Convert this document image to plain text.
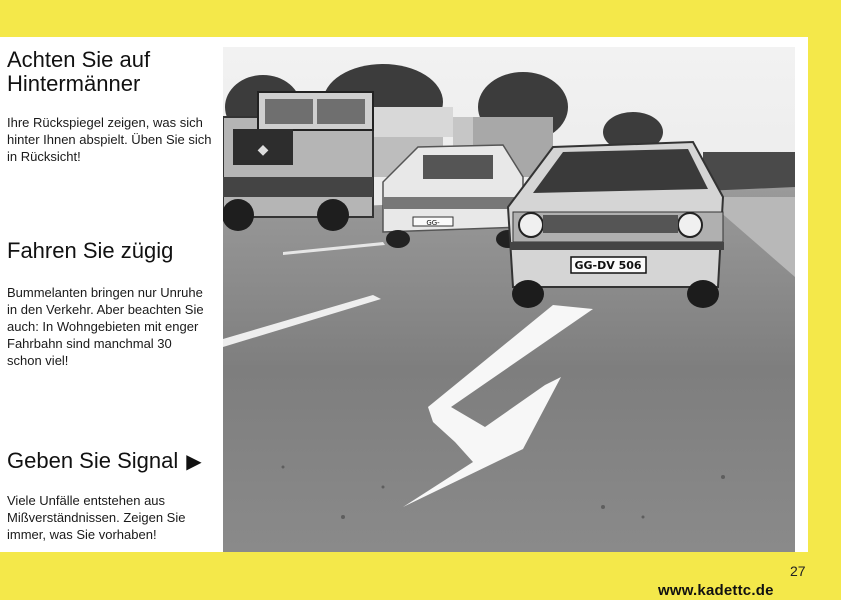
Achten Sie auf Hintermänner

Ihre Rückspiegel zeigen, was sich hinter Ihnen abspielt. Üben Sie sich in Rücksicht!

Fahren Sie zügig

Bummelanten bringen nur Unruhe in den Verkehr. Aber beachten Sie auch: In Wohngebieten mit enger Fahrbahn sind manchmal 30 schon viel!

Geben Sie Signal ▶

Viele Unfälle entstehen aus Mißverständnissen. Zeigen Sie immer, was Sie vorhaben!

◆
GG-
GG-DV 506
27
www.kadettc.de
